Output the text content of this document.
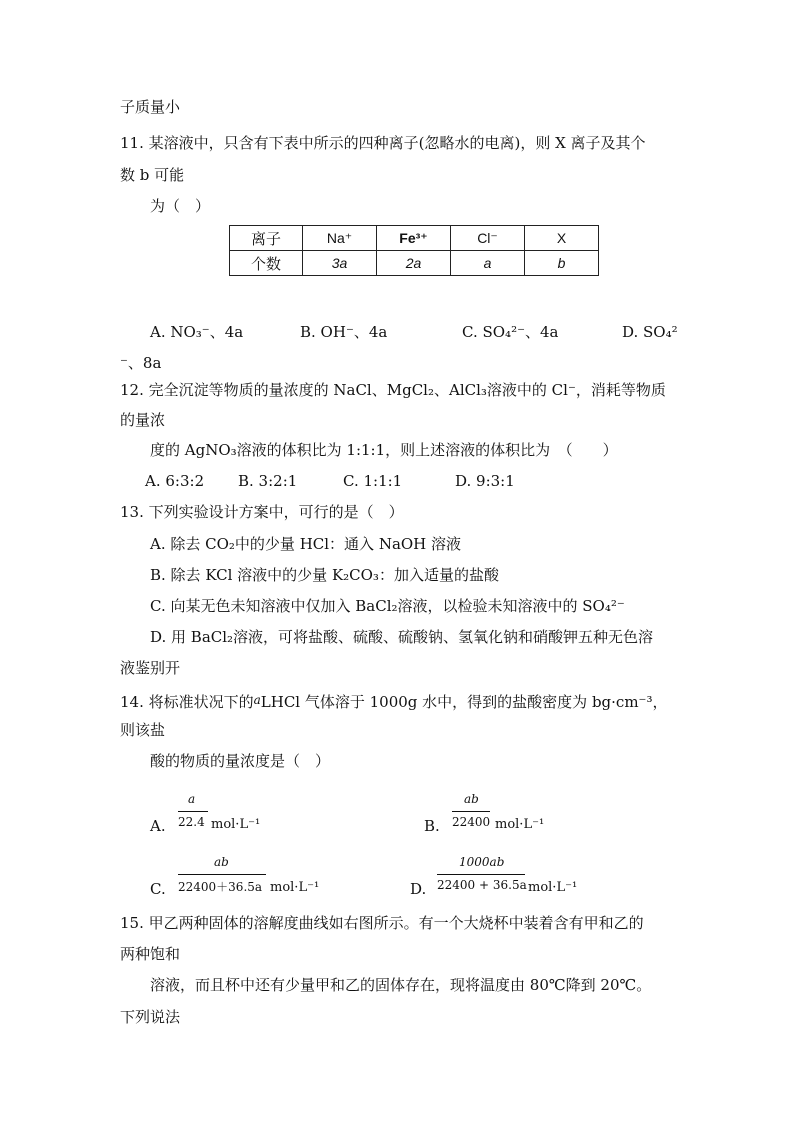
子质量小
11. 某溶液中，只含有下表中所示的四种离子(忽略水的电离)，则 X 离子及其个
数 b 可能
为（　）
离子	Na⁺	Fe³⁺	Cl⁻	X
个数	3a	2a	a	b
A. NO₃⁻、4a	B. OH⁻、4a	C. SO₄²⁻、4a	D. SO₄²
⁻、8a
12. 完全沉淀等物质的量浓度的 NaCl、MgCl₂、AlCl₃溶液中的 Cl⁻，消耗等物质
的量浓
度的 AgNO₃溶液的体积比为 1:1:1，则上述溶液的体积比为　（　　）
A. 6:3:2 B. 3:2:1	C. 1:1:1	D. 9:3:1
13. 下列实验设计方案中，可行的是（　）
A. 除去 CO₂中的少量 HCl：通入 NaOH 溶液
B. 除去 KCl 溶液中的少量 K₂CO₃：加入适量的盐酸
C. 向某无色未知溶液中仅加入 BaCl₂溶液，以检验未知溶液中的 SO₄²⁻
D. 用 BaCl₂溶液，可将盐酸、硫酸、硫酸钠、氢氧化钠和硝酸钾五种无色溶
液鉴别开
14. 将标准状况下的$^a$LHCl 气体溶于 1000g 水中，得到的盐酸密度为 bg·cm⁻³，
则该盐
酸的物质的量浓度是（　）
A.
a
22.4 mol·L⁻¹	B.
ab
22400 mol·L⁻¹
C.
ab
22400＋36.5a mol·L⁻¹	D.
1000ab
22400 + 36.5a mol·L⁻¹
15. 甲乙两种固体的溶解度曲线如右图所示。有一个大烧杯中装着含有甲和乙的
两种饱和
溶液，而且杯中还有少量甲和乙的固体存在，现将温度由 80℃降到 20℃。
下列说法
